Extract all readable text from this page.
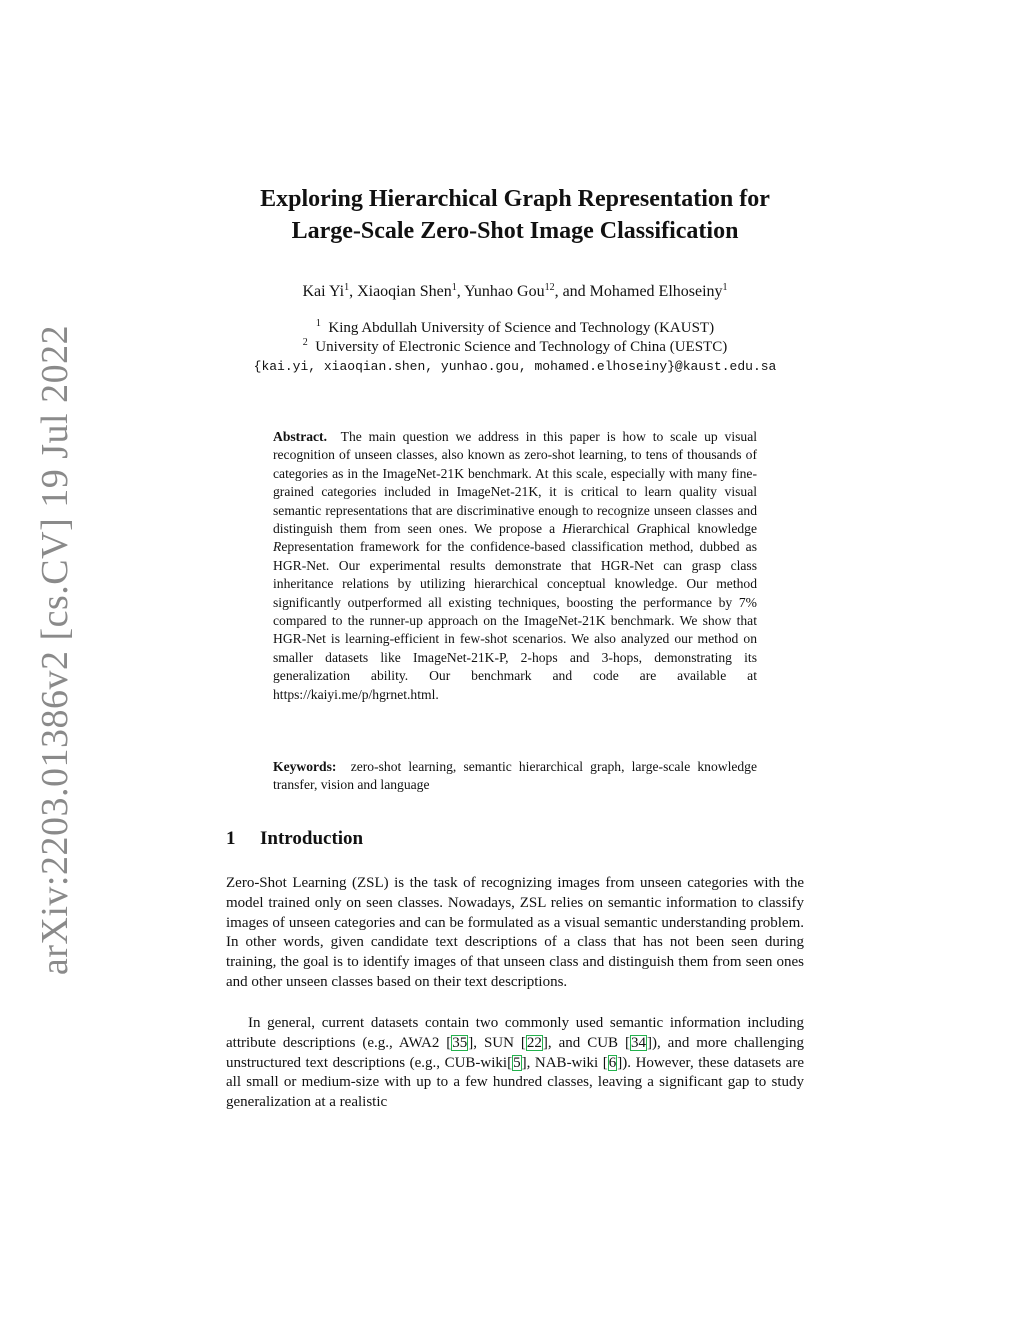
arXiv:2203.01386v2 [cs.CV] 19 Jul 2022
Exploring Hierarchical Graph Representation for
Large-Scale Zero-Shot Image Classification
Kai Yi$^1$, Xiaoqian Shen$^1$, Yunhao Gou$^{12}$, and Mohamed Elhoseiny$^1$
$^1$ King Abdullah University of Science and Technology (KAUST)
$^2$ University of Electronic Science and Technology of China (UESTC)
{kai.yi, xiaoqian.shen, yunhao.gou, mohamed.elhoseiny}@kaust.edu.sa
Abstract. The main question we address in this paper is how to scale up visual recognition of unseen classes, also known as zero-shot learning, to tens of thousands of categories as in the ImageNet-21K benchmark. At this scale, especially with many fine-grained categories included in ImageNet-21K, it is critical to learn quality visual semantic representations that are discriminative enough to recognize unseen classes and distinguish them from seen ones. We propose a Hierarchical Graphical knowledge Representation framework for the confidence-based classification method, dubbed as HGR-Net. Our experimental results demonstrate that HGR-Net can grasp class inheritance relations by utilizing hierarchical conceptual knowledge. Our method significantly outperformed all existing techniques, boosting the performance by 7% compared to the runner-up approach on the ImageNet-21K benchmark. We show that HGR-Net is learning-efficient in few-shot scenarios. We also analyzed our method on smaller datasets like ImageNet-21K-P, 2-hops and 3-hops, demonstrating its generalization ability. Our benchmark and code are available at https://kaiyi.me/p/hgrnet.html.
Keywords: zero-shot learning, semantic hierarchical graph, large-scale knowledge transfer, vision and language
1 Introduction
Zero-Shot Learning (ZSL) is the task of recognizing images from unseen categories with the model trained only on seen classes. Nowadays, ZSL relies on semantic information to classify images of unseen categories and can be formulated as a visual semantic understanding problem. In other words, given candidate text descriptions of a class that has not been seen during training, the goal is to identify images of that unseen class and distinguish them from seen ones and other unseen classes based on their text descriptions.
In general, current datasets contain two commonly used semantic information including attribute descriptions (e.g., AWA2 [35], SUN [22], and CUB [34]), and more challenging unstructured text descriptions (e.g., CUB-wiki[5], NAB-wiki [6]). However, these datasets are all small or medium-size with up to a few hundred classes, leaving a significant gap to study generalization at a realistic
